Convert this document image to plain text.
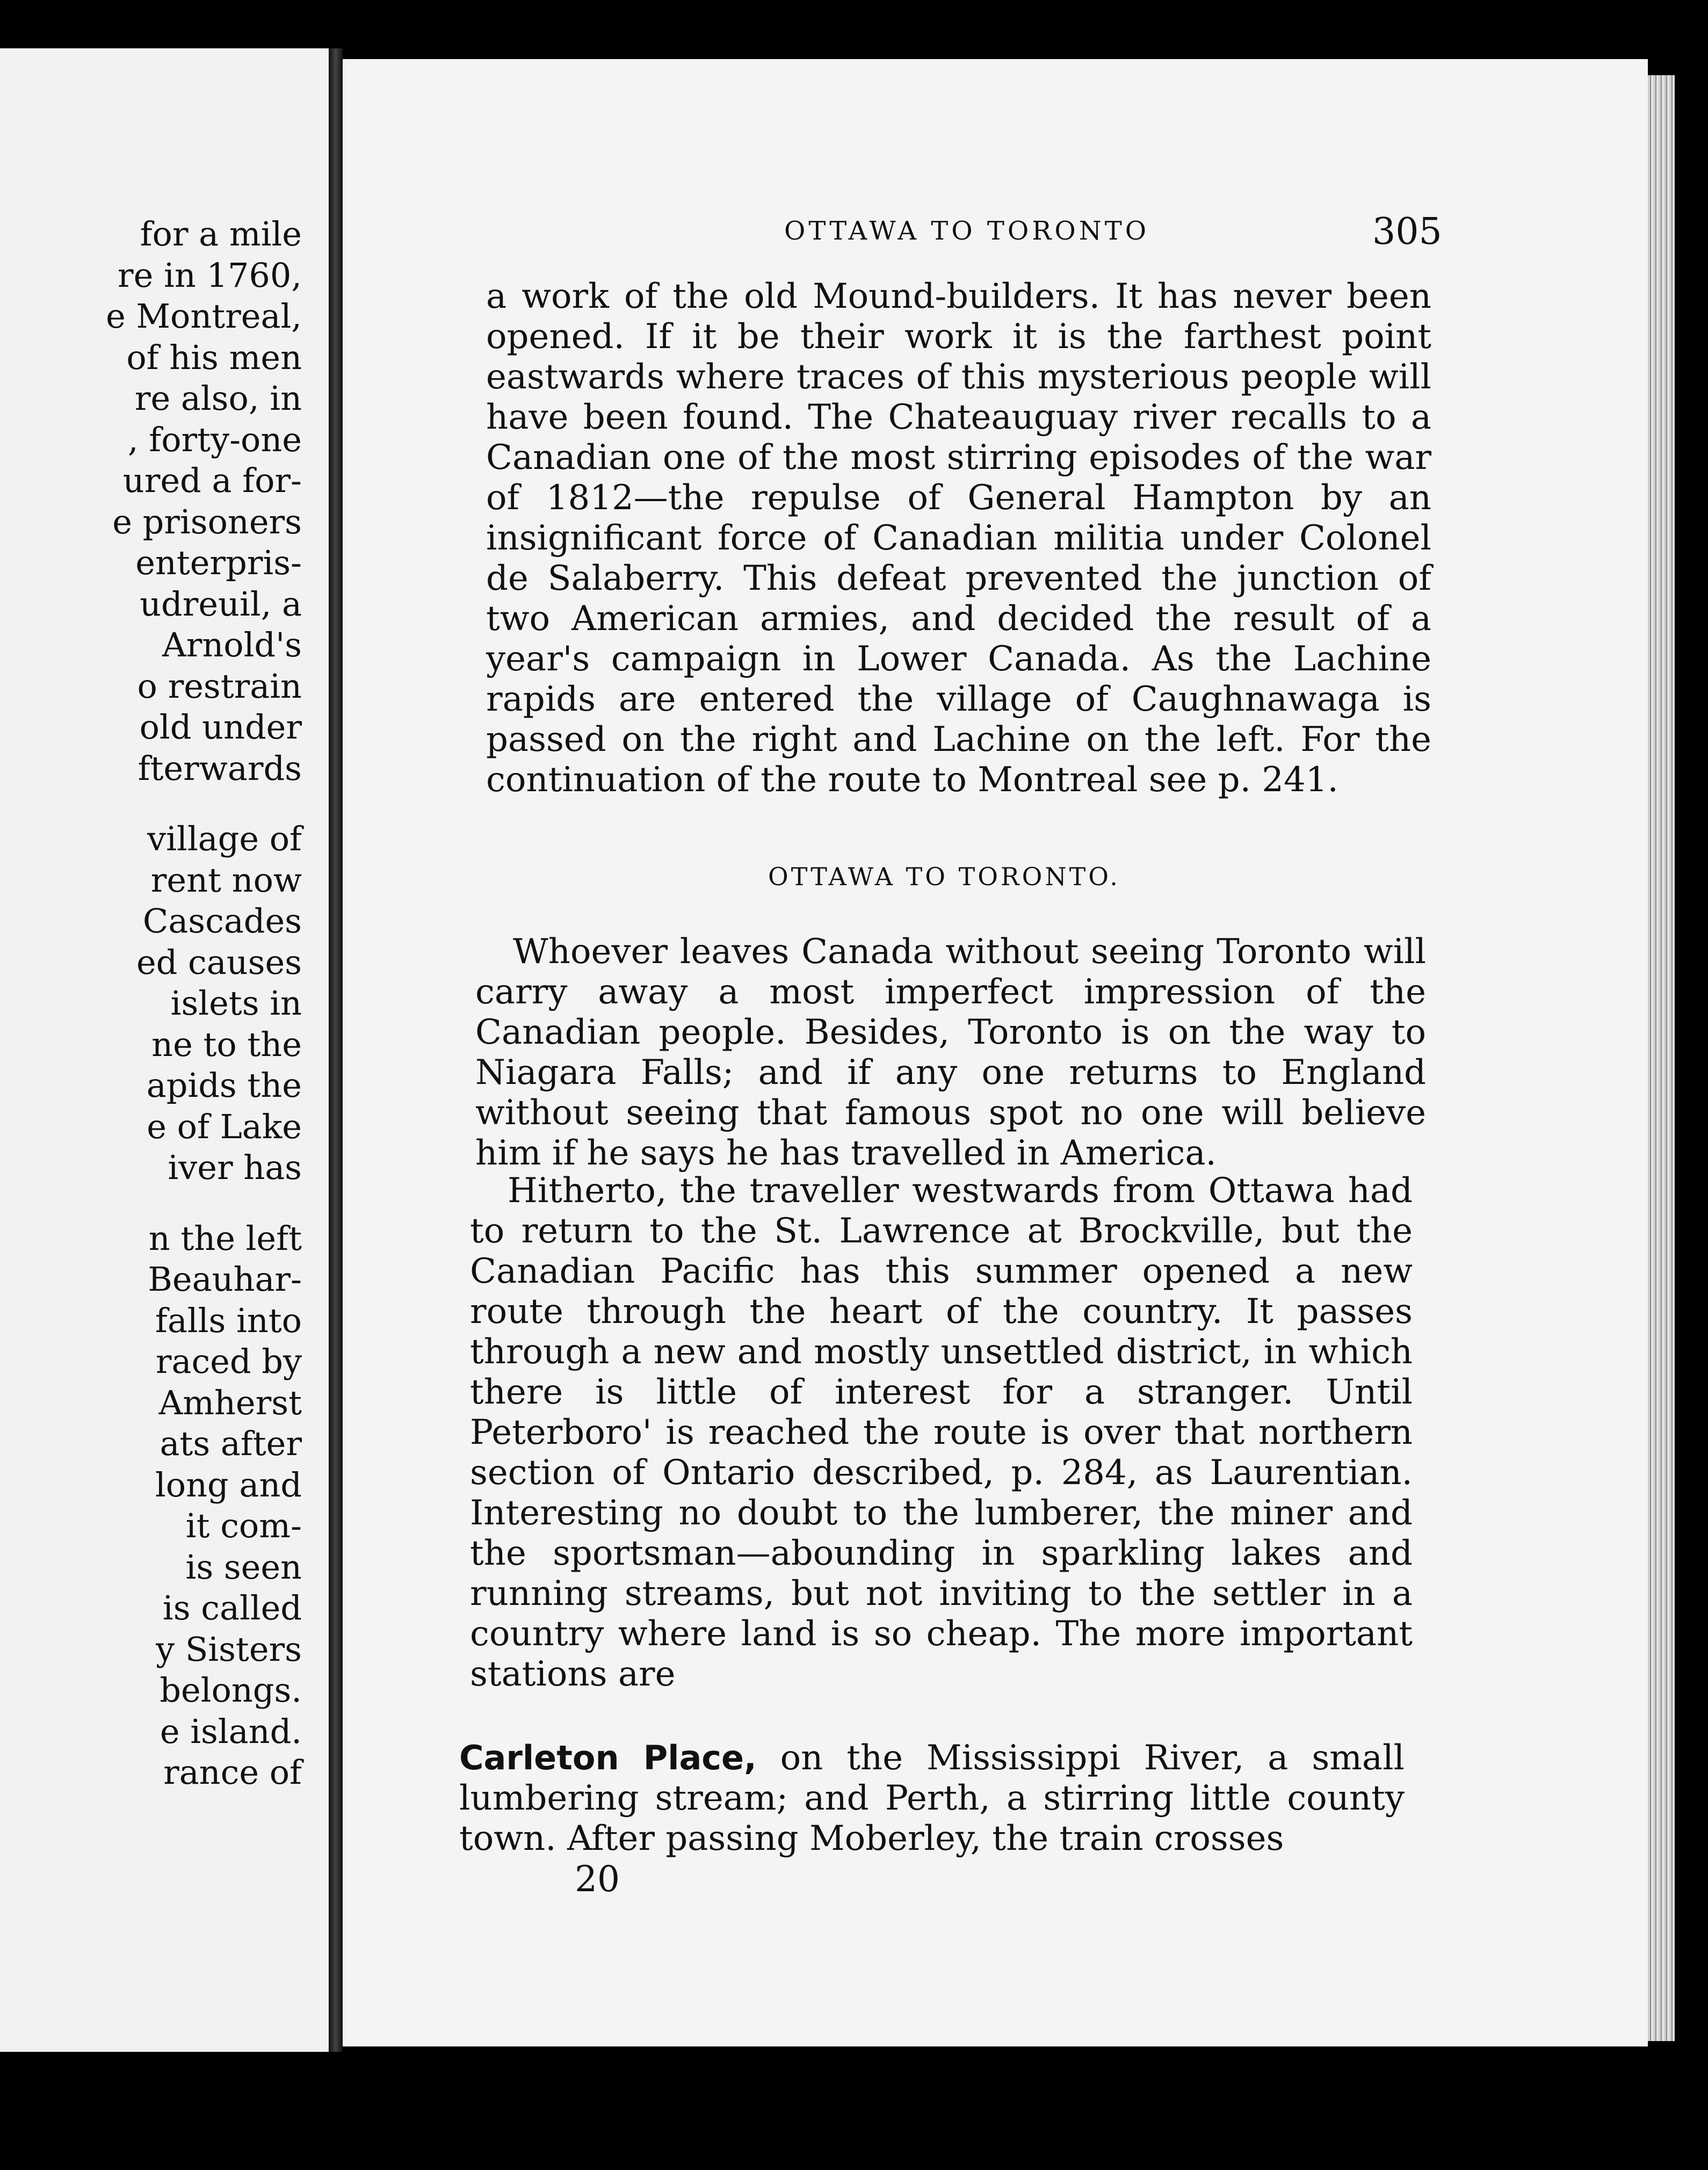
for a mile
re in 1760,
e Montreal,
of his men
re also, in
, forty-one
ured a for-
e prisoners
enterpris-
udreuil, a
Arnold's
o restrain
old under
fterwards
village of
rent now
Cascades
ed causes
islets in
ne to the
apids the
e of Lake
iver has
n the left
Beauhar-
falls into
raced by
Amherst
ats after
long and
it com-
is seen
is called
y Sisters
belongs.
e island.
rance of
OTTAWA TO TORONTO	305

a work of the old Mound-builders. It has never been opened. If it be their work it is the farthest point eastwards where traces of this mysterious people will have been found. The Chateauguay river recalls to a Canadian one of the most stirring episodes of the war of 1812—the repulse of General Hampton by an insignificant force of Canadian militia under Colonel de Salaberry. This defeat prevented the junction of two American armies, and decided the result of a year's campaign in Lower Canada. As the Lachine rapids are entered the village of Caughnawaga is passed on the right and Lachine on the left. For the continuation of the route to Montreal see p. 241.

OTTAWA TO TORONTO.

Whoever leaves Canada without seeing Toronto will carry away a most imperfect impression of the Canadian people. Besides, Toronto is on the way to Niagara Falls; and if any one returns to England without seeing that famous spot no one will believe him if he says he has travelled in America.

Hitherto, the traveller westwards from Ottawa had to return to the St. Lawrence at Brockville, but the Canadian Pacific has this summer opened a new route through the heart of the country. It passes through a new and mostly unsettled district, in which there is little of interest for a stranger. Until Peterboro' is reached the route is over that northern section of Ontario described, p. 284, as Laurentian. Interesting no doubt to the lumberer, the miner and the sportsman—abounding in sparkling lakes and running streams, but not inviting to the settler in a country where land is so cheap. The more important stations are

Carleton Place, on the Mississippi River, a small lumbering stream; and Perth, a stirring little county town. After passing Moberley, the train crosses

20
